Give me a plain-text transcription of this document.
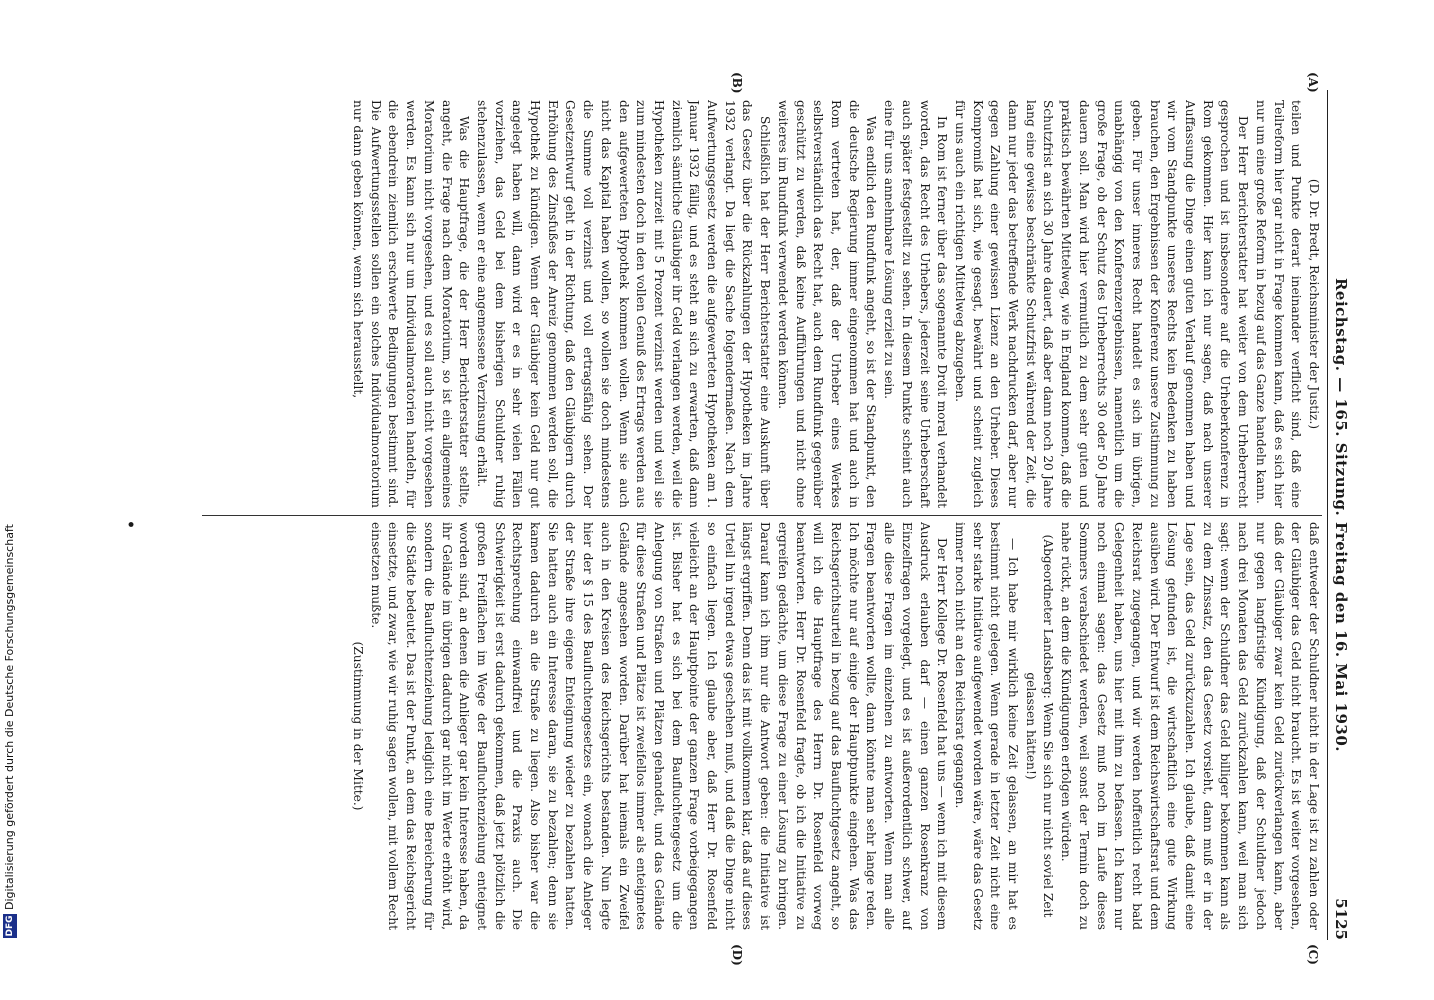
Reichstag. — 165. Sitzung. Freitag den 16. Mai 1930.
5125
(A)
(B)
(C)
(D)
•

(D. Dr. Bredt, Reichsminister der Justiz.)

teilen und Punkte derart ineinander verflicht sind, daß eine Teilreform hier gar nicht in Frage kommen kann, daß es sich hier nur um eine große Reform in bezug auf das Ganze handeln kann.

Der Herr Berichterstatter hat weiter von dem Urheberrecht gesprochen und ist insbesondere auf die Urheberkonferenz in Rom gekommen. Hier kann ich nur sagen, daß nach unserer Auffassung die Dinge einen guten Verlauf genommen haben und wir vom Standpunkte unseres Rechts kein Bedenken zu haben brauchen, den Ergebnissen der Konferenz unsere Zustimmung zu geben. Für unser inneres Recht handelt es sich im übrigen, unabhängig von den Konferenzergebnissen, namentlich um die große Frage, ob der Schutz des Urheberrechts 30 oder 50 Jahre dauern soll. Man wird hier vermutlich zu dem sehr guten und praktisch bewährten Mittelweg, wie in England kommen, daß die Schutzfrist an sich 30 Jahre dauert, daß aber dann noch 20 Jahre lang eine gewisse beschränkte Schutzfrist während der Zeit, die dann nur jeder das betreffende Werk nachdrucken darf, aber nur gegen Zahlung einer gewissen Lizenz an den Urheber. Dieses Kompromiß hat sich, wie gesagt, bewährt und scheint zugleich für uns auch ein richtigen Mittelweg abzugeben.

In Rom ist ferner über das sogenannte Droit moral verhandelt worden, das Recht des Urhebers, jederzeit seine Urheberschaft auch später festgestellt zu sehen. In diesem Punkte scheint auch eine für uns annehmbare Lösung erzielt zu sein.

Was endlich den Rundfunk angeht, so ist der Standpunkt, den die deutsche Regierung immer eingenommen hat und auch in Rom vertreten hat, der, daß der Urheber eines Werkes selbstverständlich das Recht hat, auch dem Rundfunk gegenüber geschützt zu werden, daß keine Aufführungen und nicht ohne weiteres im Rundfunk verwendet werden können.

Schließlich hat der Herr Berichterstatter eine Auskunft über das Gesetz über die Rückzahlungen der Hypotheken im Jahre 1932 verlangt. Da liegt die Sache folgendermaßen. Nach dem Aufwertungsgesetz werden die aufgewerteten Hypotheken am 1. Januar 1932 fällig, und es steht an sich zu erwarten, daß dann ziemlich sämtliche Gläubiger ihr Geld verlangen werden, weil die Hypotheken zurzeit mit 5 Prozent verzinst werden und weil sie zum mindesten doch in den vollen Genuß des Ertrags werden aus den aufgewerteten Hypothek kommen wollen. Wenn sie auch nicht das Kapital haben wollen, so wollen sie doch mindestens die Summe voll verzinst und voll ertragsfähig sehen. Der Gesetzentwurf geht in der Richtung, daß den Gläubigern durch Erhöhung des Zinsfußes der Anreiz genommen werden soll, die Hypothek zu kündigen. Wenn der Gläubiger kein Geld nur gut angelegt haben will, dann wird er es in sehr vielen Fällen vorziehen, das Geld bei dem bisherigen Schuldner ruhig stehenzulassen, wenn er eine angemessene Verzinsung erhält.

Was die Hauptfrage, die der Herr Berichterstatter stellte, angeht, die Frage nach dem Moratorium, so ist ein allgemeines Moratorium nicht vorgesehen, und es soll auch nicht vorgesehen werden. Es kann sich nur um Individualmoratorien handeln, für die ebendrein ziemlich erschwerte Bedingungen bestimmt sind. Die Aufwertungsstellen sollen ein solches Individualmoratorium nur dann geben können, wenn sich herausstellt,

daß entweder der Schuldner nicht in der Lage ist zu zahlen oder der Gläubiger das Geld nicht braucht. Es ist weiter vorgesehen, daß der Gläubiger zwar kein Geld zurückverlangen kann, aber nur gegen langfristige Kündigung, daß der Schuldner jedoch nach drei Monaten das Geld zurückzahlen kann, weil man sich sagt: wenn der Schuldner das Geld billiger bekommen kann als zu dem Zinssatz, den das Gesetz vorsieht, dann muß er in der Lage sein, das Geld zurückzuzahlen. Ich glaube, daß damit eine Lösung gefunden ist, die wirtschaftlich eine gute Wirkung ausüben wird. Der Entwurf ist dem Reichswirtschaftsrat und dem Reichsrat zugegangen, und wir werden hoffentlich recht bald Gelegenheit haben, uns hier mit ihm zu befassen. Ich kann nur noch einmal sagen: das Gesetz muß noch im Laufe dieses Sommers verabschiedet werden, weil sonst der Termin doch zu nahe rückt, an dem die Kündigungen erfolgen würden.

(Abgeordneter Landsberg: Wenn Sie sich nur nicht soviel Zeit gelassen hätten!)

— Ich habe mir wirklich keine Zeit gelassen, an mir hat es bestimmt nicht gelegen. Wenn gerade in letzter Zeit nicht eine sehr starke Initiative aufgewendet worden wäre, wäre das Gesetz immer noch nicht an den Reichsrat gegangen.

Der Herr Kollege Dr. Rosenfeld hat uns — wenn ich mit diesem Ausdruck erlauben darf — einen ganzen Rosenkranz von Einzelfragen vorgelegt, und es ist außerordentlich schwer, auf alle diese Fragen im einzelnen zu antworten. Wenn man alle Fragen beantworten wollte, dann könnte man sehr lange reden. Ich möchte nur auf einige der Hauptpunkte eingehen. Was das Reichsgerichtsurteil in bezug auf das Baufluchtgesetz angeht, so will ich die Hauptfrage des Herrn Dr. Rosenfeld vorweg beantworten. Herr Dr. Rosenfeld fragte, ob ich die Initiative zu ergreifen gedächte, um diese Frage zu einer Lösung zu bringen. Darauf kann ich ihm nur die Antwort geben: die Initiative ist längst ergriffen. Denn das ist mit vollkommen klar, daß auf dieses Urteil hin irgend etwas geschehen muß, und daß die Dinge nicht so einfach liegen. Ich glaube aber, daß Herr Dr. Rosenfeld vielleicht an der Hauptpointe der ganzen Frage vorbeigegangen ist. Bisher hat es sich bei dem Baufluchtengesetz um die Anlegung von Straßen und Plätzen gehandelt, und das Gelände für diese Straßen und Plätze ist zweifellos immer als enteignetes Gelände angesehen worden. Darüber hat niemals ein Zweifel auch in den Kreisen des Reichsgerichts bestanden. Nun legte hier der § 15 des Baufluchtengesetzes ein, wonach die Anleger der Straße ihre eigene Enteignung wieder zu bezahlen hatten. Sie hatten auch ein Interesse daran, sie zu bezahlen; denn sie kamen dadurch an die Straße zu liegen. Also bisher war die Rechtsprechung einwandfrei und die Praxis auch. Die Schwierigkeit ist erst dadurch gekommen, daß jetzt plötzlich die großen Freiflächen im Wege der Baufluchtenziehung enteignet worden sind, an denen die Anlieger gar kein Interesse haben, da ihr Gelände im übrigen dadurch gar nicht im Werte erhöht wird, sondern die Baufluchtenziehung lediglich eine Bereicherung für die Städte bedeutet. Das ist der Punkt, an dem das Reichsgericht einsetzte, und zwar, wie wir ruhig sagen wollen, mit vollem Recht einsetzen mußte.

(Zustimmung in der Mitte.)

Digitalisierung gefördert durch die Deutsche Forschungsgemeinschaft
DFG
